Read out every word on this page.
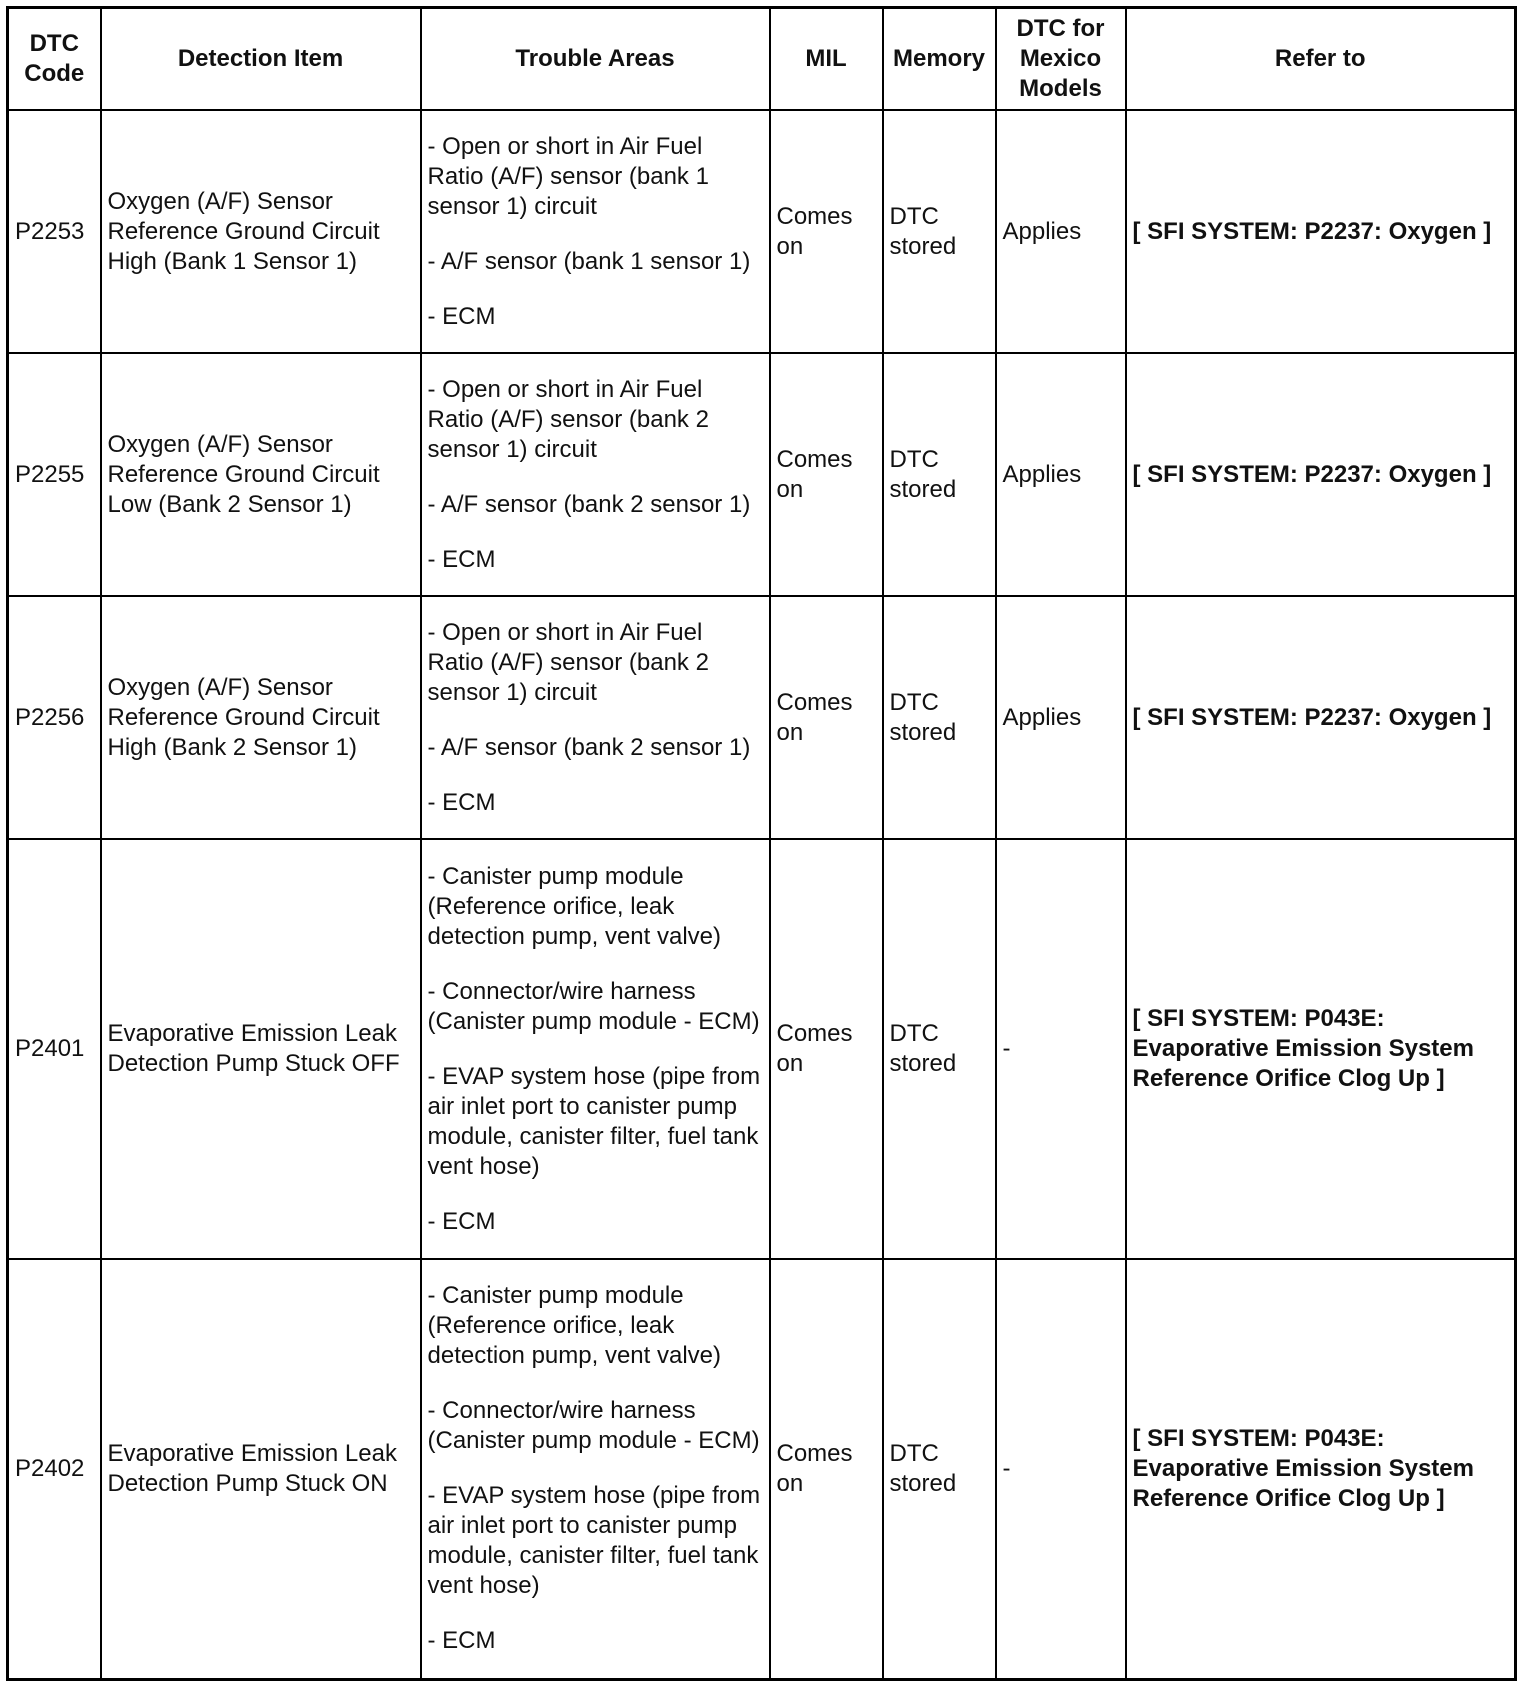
DTC Code	Detection Item	Trouble Areas	MIL	Memory	DTC for Mexico Models	Refer to
P2253	Oxygen (A/F) Sensor Reference Ground Circuit High (Bank 1 Sensor 1)	- Open or short in Air Fuel Ratio (A/F) sensor (bank 1 sensor 1) circuit

- A/F sensor (bank 1 sensor 1)

- ECM	Comes on	DTC stored	Applies	[ SFI SYSTEM: P2237: Oxygen ]
P2255	Oxygen (A/F) Sensor Reference Ground Circuit Low (Bank 2 Sensor 1)	- Open or short in Air Fuel Ratio (A/F) sensor (bank 2 sensor 1) circuit

- A/F sensor (bank 2 sensor 1)

- ECM	Comes on	DTC stored	Applies	[ SFI SYSTEM: P2237: Oxygen ]
P2256	Oxygen (A/F) Sensor Reference Ground Circuit High (Bank 2 Sensor 1)	- Open or short in Air Fuel Ratio (A/F) sensor (bank 2 sensor 1) circuit

- A/F sensor (bank 2 sensor 1)

- ECM	Comes on	DTC stored	Applies	[ SFI SYSTEM: P2237: Oxygen ]
P2401	Evaporative Emission Leak Detection Pump Stuck OFF	- Canister pump module (Reference orifice, leak detection pump, vent valve)

- Connector/wire harness (Canister pump module - ECM)

- EVAP system hose (pipe from air inlet port to canister pump module, canister filter, fuel tank vent hose)

- ECM	Comes on	DTC stored	-	[ SFI SYSTEM: P043E: Evaporative Emission System Reference Orifice Clog Up ]
P2402	Evaporative Emission Leak Detection Pump Stuck ON	- Canister pump module (Reference orifice, leak detection pump, vent valve)

- Connector/wire harness (Canister pump module - ECM)

- EVAP system hose (pipe from air inlet port to canister pump module, canister filter, fuel tank vent hose)

- ECM	Comes on	DTC stored	-	[ SFI SYSTEM: P043E: Evaporative Emission System Reference Orifice Clog Up ]
